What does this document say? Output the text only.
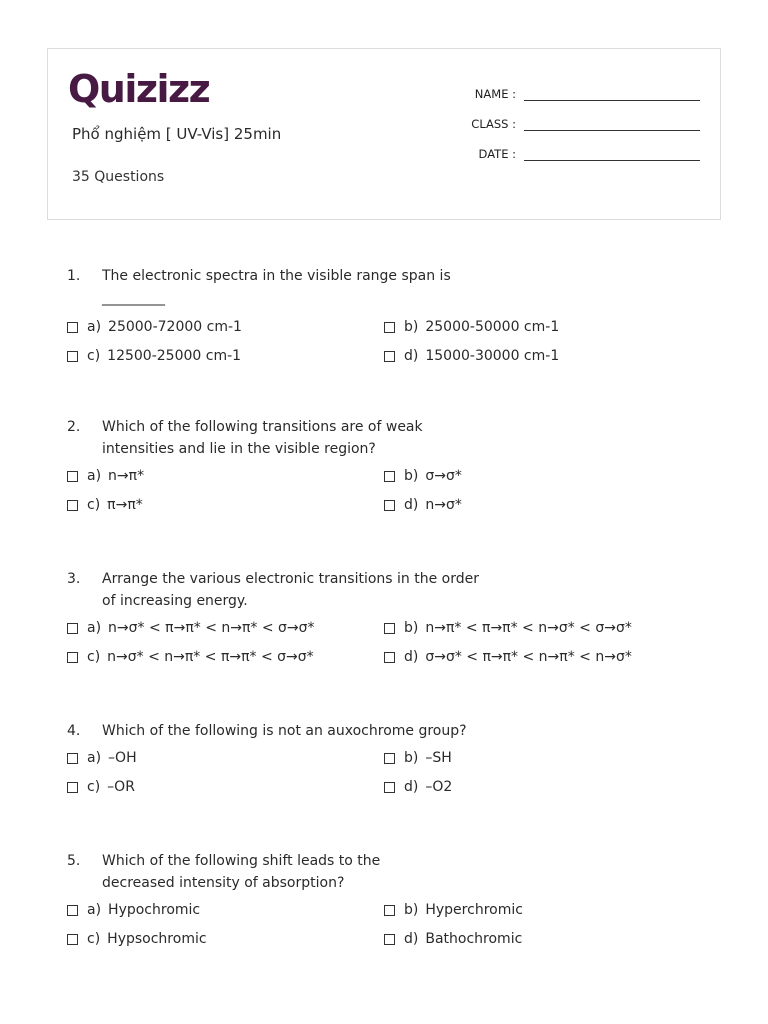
Quizizz
Phổ nghiệm [ UV-Vis] 25min
35 Questions
NAME :
CLASS :
DATE :
1.	The electronic spectra in the visible range span is _________
a) 25000-72000 cm-1	b) 25000-50000 cm-1
c) 12500-25000 cm-1	d) 15000-30000 cm-1
2.	Which of the following transitions are of weak intensities and lie in the visible region?
a) n→π*	b) σ→σ*
c) π→π*	d) n→σ*
3.	Arrange the various electronic transitions in the order of increasing energy.
a) n→σ* < π→π* < n→π* < σ→σ*	b) n→π* < π→π* < n→σ* < σ→σ*
c) n→σ* < n→π* < π→π* < σ→σ*	d) σ→σ* < π→π* < n→π* < n→σ*
4.	Which of the following is not an auxochrome group?
a) –OH	b) –SH
c) –OR	d) –O2
5.	Which of the following shift leads to the decreased intensity of absorption?
a) Hypochromic	b) Hyperchromic
c) Hypsochromic	d) Bathochromic
